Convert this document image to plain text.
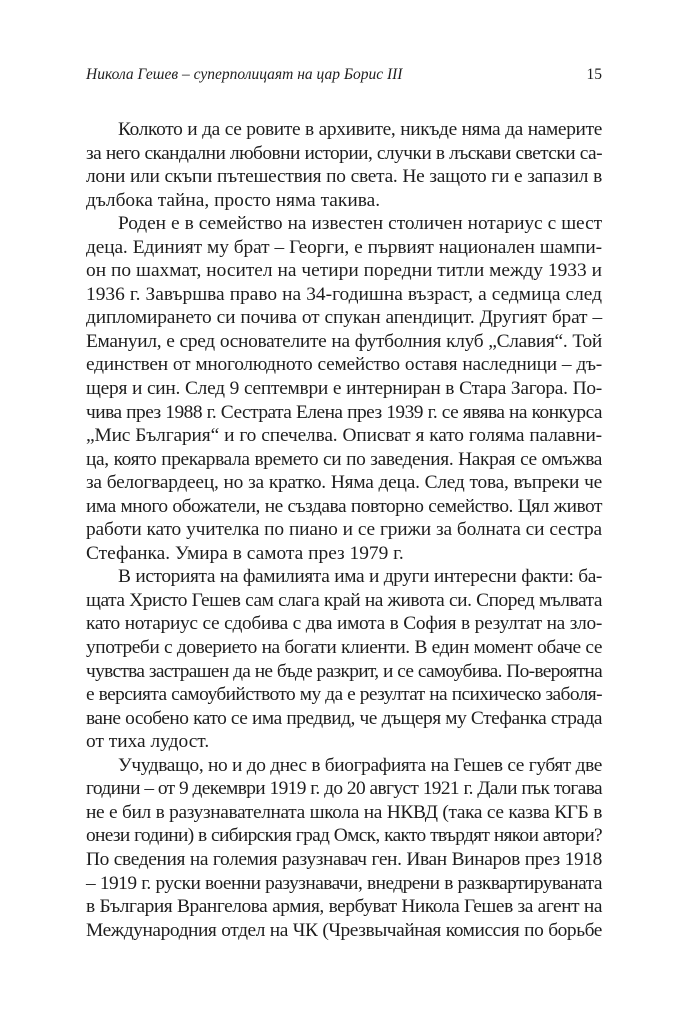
Никола Гешев – суперполицаят на цар Борис III	15
Колкото и да се ровите в архивите, никъде няма да намерите
за него скандални любовни истории, случки в лъскави светски са-
лони или скъпи пътешествия по света. Не защото ги е запазил в
дълбока тайна, просто няма такива.
Роден е в семейство на известен столичен нотариус с шест
деца. Единият му брат – Георги, е първият национален шампи-
он по шахмат, носител на четири поредни титли между 1933 и
1936 г. Завършва право на 34-годишна възраст, а седмица след
дипломирането си почива от спукан апендицит. Другият брат –
Емануил, е сред основателите на футболния клуб „Славия“. Той
единствен от многолюдното семейство оставя наследници – дъ-
щеря и син. След 9 септември е интерниран в Стара Загора. По-
чива през 1988 г. Сестрата Елена през 1939 г. се явява на конкурса
„Мис България“ и го спечелва. Описват я като голяма палавни-
ца, която прекарвала времето си по заведения. Накрая се омъжва
за белогвардеец, но за кратко. Няма деца. След това, въпреки че
има много обожатели, не създава повторно семейство. Цял живот
работи като учителка по пиано и се грижи за болната си сестра
Стефанка. Умира в самота през 1979 г.
В историята на фамилията има и други интересни факти: ба-
щата Христо Гешев сам слага край на живота си. Според мълвата
като нотариус се сдобива с два имота в София в резултат на зло-
употреби с доверието на богати клиенти. В един момент обаче се
чувства застрашен да не бъде разкрит, и се самоубива. По-вероятна
е версията самоубийството му да е резултат на психическо заболя-
ване особено като се има предвид, че дъщеря му Стефанка страда
от тиха лудост.
Учудващо, но и до днес в биографията на Гешев се губят две
години – от 9 декември 1919 г. до 20 август 1921 г. Дали пък тогава
не е бил в разузнавателната школа на НКВД (така се казва КГБ в
онези години) в сибирския град Омск, както твърдят някои автори?
По сведения на големия разузнавач ген. Иван Винаров през 1918
– 1919 г. руски военни разузнавачи, внедрени в разквартируваната
в България Врангелова армия, вербуват Никола Гешев за агент на
Международния отдел на ЧК (Чрезвычайная комиссия по борьбе
